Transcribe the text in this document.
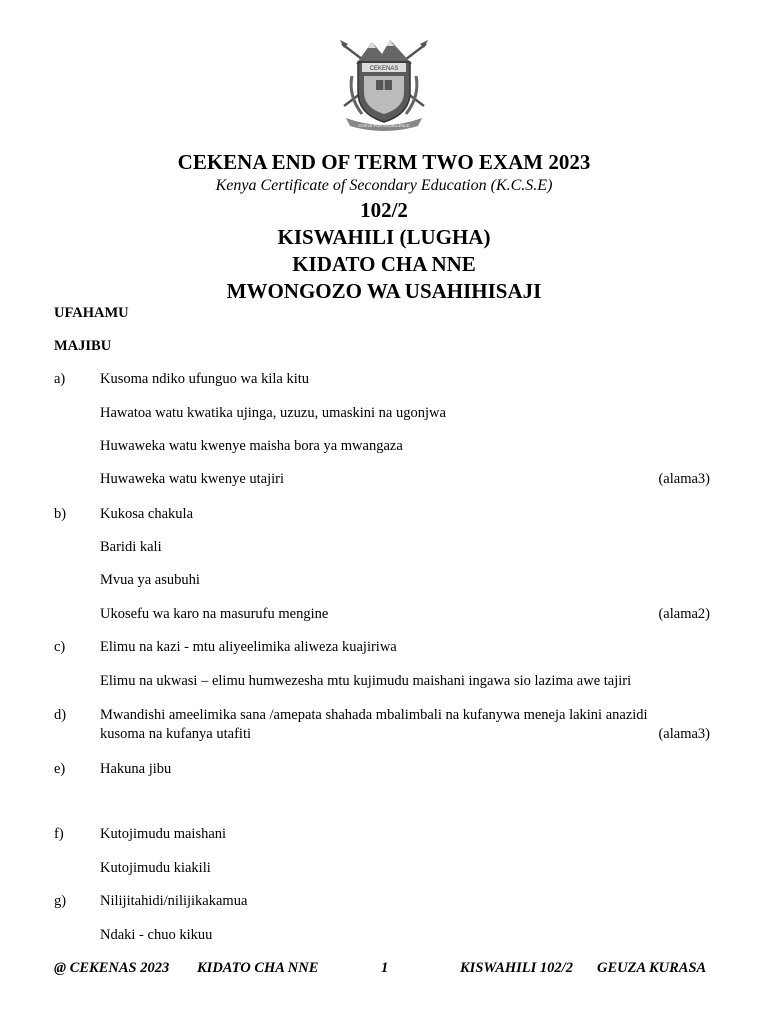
CEKENAS
STRIVE FOR EXCELLENCE
CEKENA END OF TERM TWO EXAM 2023
Kenya Certificate of Secondary Education (K.C.S.E)
102/2
KISWAHILI (LUGHA)
KIDATO CHA NNE
MWONGOZO WA USAHIHISAJI
UFAHAMU
MAJIBU
a) Kusoma ndiko ufunguo wa kila kitu
Hawatoa watu kwatika ujinga, uzuzu, umaskini na ugonjwa
Huwaweka watu kwenye maisha bora ya mwangaza
Huwaweka watu kwenye utajiri	(alama3)
b) Kukosa chakula
Baridi kali
Mvua ya asubuhi
Ukosefu wa karo na masurufu mengine	(alama2)
c) Elimu na kazi - mtu aliyeelimika aliweza kuajiriwa
Elimu na ukwasi – elimu humwezesha mtu kujimudu maishani ingawa sio lazima awe tajiri
d) Mwandishi ameelimika sana /amepata shahada mbalimbali na kufanywa meneja lakini anazidi
kusoma na kufanya utafiti	(alama3)
e) Hakuna jibu
f)	Kutojimudu maishani
Kutojimudu kiakili
g) Nilijitahidi/nilijikakamua
Ndaki - chuo kikuu
@ CEKENAS 2023 KIDATO CHA NNE	1	KISWAHILI 102/2 GEUZA KURASA
